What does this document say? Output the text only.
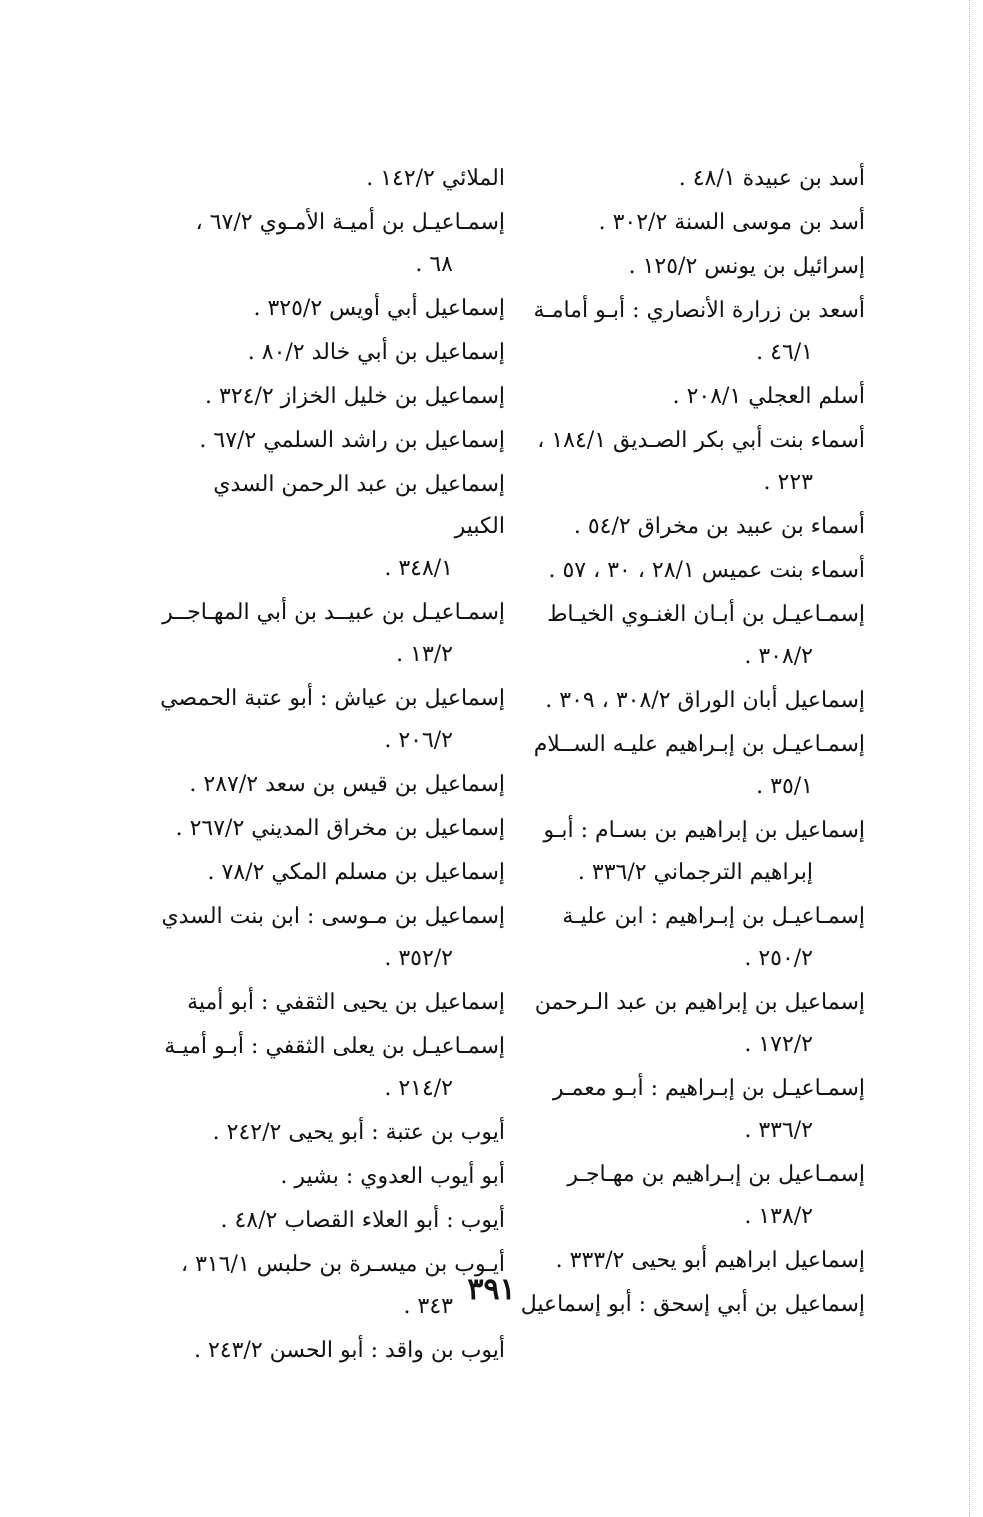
أسد بن عبيدة ٤٨/١ .
أسد بن موسى السنة ٣٠٢/٢ .
إسرائيل بن يونس ١٢٥/٢ .
أسعد بن زرارة الأنصاري : أبـو أمامـة
٤٦/١ .
أسلم العجلي ٢٠٨/١ .
أسماء بنت أبي بكر الصـديق ١٨٤/١ ،
٢٢٣ .
أسماء بن عبيد بن مخراق ٥٤/٢ .
أسماء بنت عميس ٢٨/١ ، ٣٠ ، ٥٧ .
إسمـاعيـل بن أبـان الغنـوي الخيـاط
٣٠٨/٢ .
إسماعيل أبان الوراق ٣٠٨/٢ ، ٣٠٩ .
إسمـاعيـل بن إبـراهيم عليـه الســلام
٣٥/١ .
إسماعيل بن إبراهيم بن بسـام : أبـو
إبراهيم الترجماني ٣٣٦/٢ .
إسمـاعيـل بن إبـراهيم : ابن عليـة
٢٥٠/٢ .
إسماعيل بن إبراهيم بن عبد الـرحمن
١٧٢/٢ .
إسمـاعيـل بن إبـراهيم : أبـو معمـر
٣٣٦/٢ .
إسمـاعيل بن إبـراهيم بن مهـاجـر
١٣٨/٢ .
إسماعيل ابراهيم أبو يحيى ٣٣٣/٢ .
إسماعيل بن أبي إسحق : أبو إسماعيل
الملائي ١٤٢/٢ .
إسمـاعيـل بن أميـة الأمـوي ٦٧/٢ ،
٦٨ .
إسماعيل أبي أويس ٣٢٥/٢ .
إسماعيل بن أبي خالد ٨٠/٢ .
إسماعيل بن خليل الخزاز ٣٢٤/٢ .
إسماعيل بن راشد السلمي ٦٧/٢ .
إسماعيل بن عبد الرحمن السدي الكبير
٣٤٨/١ .
إسمـاعيـل بن عبيــد بن أبي المهـاجــر
١٣/٢ .
إسماعيل بن عياش : أبو عتبة الحمصي
٢٠٦/٢ .
إسماعيل بن قيس بن سعد ٢٨٧/٢ .
إسماعيل بن مخراق المديني ٢٦٧/٢ .
إسماعيل بن مسلم المكي ٧٨/٢ .
إسماعيل بن مـوسى : ابن بنت السدي
٣٥٢/٢ .
إسماعيل بن يحيى الثقفي : أبو أمية
إسمـاعيـل بن يعلى الثقفي : أبـو أميـة
٢١٤/٢ .
أيوب بن عتبة : أبو يحيى ٢٤٢/٢ .
أبو أيوب العدوي : بشير .
أيوب : أبو العلاء القصاب ٤٨/٢ .
أيـوب بن ميسـرة بن حلبس ٣١٦/١ ،
٣٤٣ .
أيوب بن واقد : أبو الحسن ٢٤٣/٢ .
٣٩١
